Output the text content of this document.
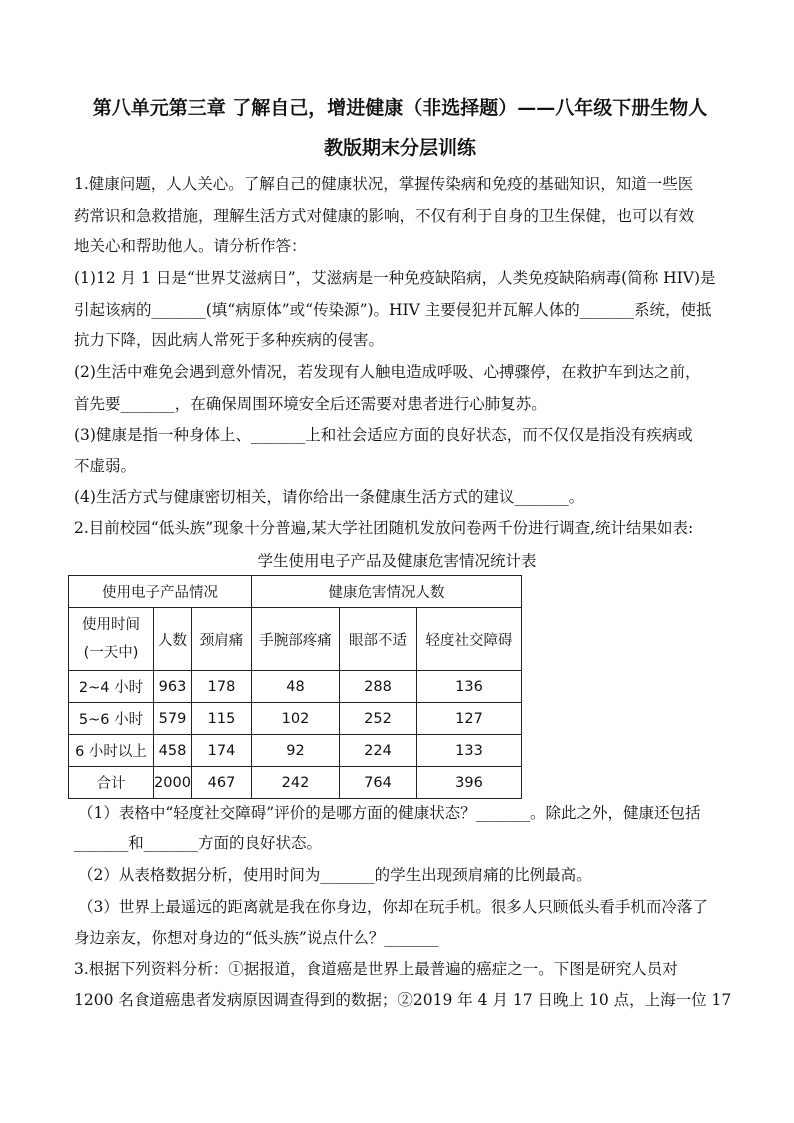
第八单元第三章 了解自己，增进健康（非选择题）——八年级下册生物人
教版期末分层训练
1.健康问题，人人关心。了解自己的健康状况，掌握传染病和免疫的基础知识，知道一些医
药常识和急救措施，理解生活方式对健康的影响，不仅有利于自身的卫生保健，也可以有效
地关心和帮助他人。请分析作答：
(1)12 月 1 日是“世界艾滋病日”，艾滋病是一种免疫缺陷病，人类免疫缺陷病毒(简称 HIV)是
引起该病的_______(填“病原体”或“传染源”)。HIV 主要侵犯并瓦解人体的_______系统，使抵
抗力下降，因此病人常死于多种疾病的侵害。
(2)生活中难免会遇到意外情况，若发现有人触电造成呼吸、心搏骤停，在救护车到达之前，
首先要_______，在确保周围环境安全后还需要对患者进行心肺复苏。
(3)健康是指一种身体上、_______上和社会适应方面的良好状态，而不仅仅是指没有疾病或
不虚弱。
(4)生活方式与健康密切相关，请你给出一条健康生活方式的建议_______。
2.目前校园“低头族”现象十分普遍,某大学社团随机发放问卷两千份进行调查,统计结果如表:
学生使用电子产品及健康危害情况统计表
使用电子产品情况			健康危害情况人数		

使用时间
(一天中)	人数	颈肩痛	手腕部疼痛	眼部不适	轻度社交障碍
2~4 小时	963	178	48	288	136
5~6 小时	579	115	102	252	127
6 小时以上	458	174	92	224	133
合计	2000	467	242	764	396
（1）表格中“轻度社交障碍”评价的是哪方面的健康状态？_______。除此之外，健康还包括
_______和_______方面的良好状态。
（2）从表格数据分析，使用时间为_______的学生出现颈肩痛的比例最高。
（3）世界上最遥远的距离就是我在你身边，你却在玩手机。很多人只顾低头看手机而冷落了
身边亲友，你想对身边的“低头族”说点什么？_______
3.根据下列资料分析：①据报道，食道癌是世界上最普遍的癌症之一。下图是研究人员对
1200 名食道癌患者发病原因调查得到的数据；②2019 年 4 月 17 日晚上 10 点，上海一位 17
